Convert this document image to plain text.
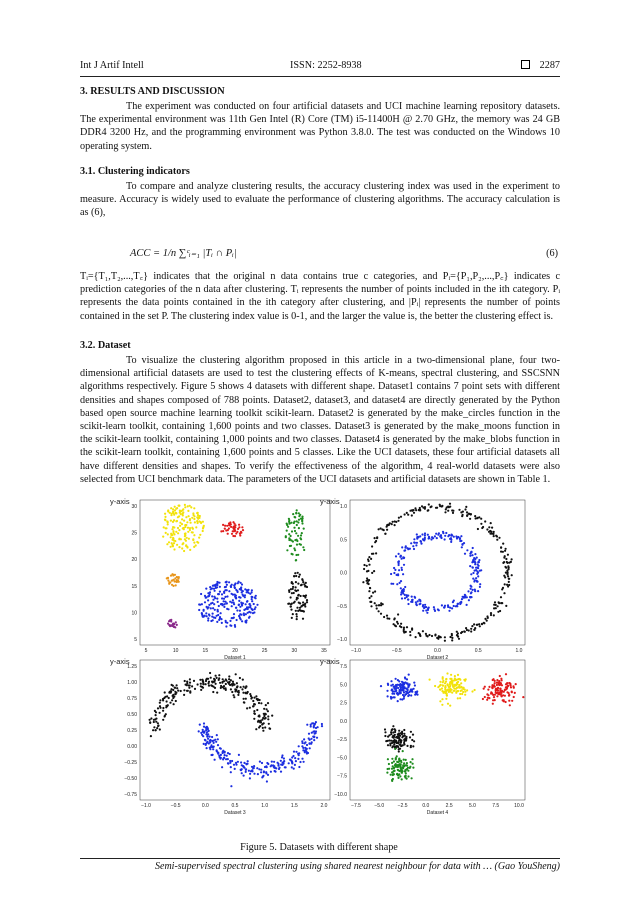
Int J Artif Intell	ISSN: 2252-8938	2287
3. RESULTS AND DISCUSSION

The experiment was conducted on four artificial datasets and UCI machine learning repository datasets. The experimental environment was 11th Gen Intel (R) Core (TM) i5-11400H @ 2.70 GHz, the memory was 24 GB DDR4 3200 Hz, and the programming environment was Python 3.8.0. The test was conducted on the Windows 10 operating system.

3.1. Clustering indicators

To compare and analyze clustering results, the accuracy clustering index was used in the experiment to measure. Accuracy is widely used to evaluate the performance of clustering algorithms. The accuracy calculation is as (6),

ACC = 1/n ∑ᶜᵢ₌₁ |Tᵢ ∩ Pᵢ|	(6)

Tᵢ={T₁,T₂,...,T꜀} indicates that the original n data contains true c categories, and Pᵢ={P₁,P₂,...,P꜀} indicates c prediction categories of the n data after clustering. Tᵢ represents the number of points included in the ith category. Pᵢ represents the data points contained in the ith category after clustering, and |Pᵢ| represents the number of points contained in the set P. The clustering index value is 0-1, and the larger the value is, the better the clustering effect is.

3.2. Dataset

To visualize the clustering algorithm proposed in this article in a two-dimensional plane, four two-dimensional artificial datasets are used to test the clustering effects of K-means, spectral clustering, and SSCSNN algorithms respectively. Figure 5 shows 4 datasets with different shape. Dataset1 contains 7 point sets with different densities and shapes composed of 788 points. Dataset2, dataset3, and dataset4 are directly generated by the Python based open source machine learning toolkit scikit-learn. Dataset2 is generated by the make_circles function in the scikit-learn toolkit, containing 1,600 points and two classes. Dataset3 is generated by the make_moons function in the scikit-learn toolkit, containing 1,000 points and two classes. Dataset4 is generated by the make_blobs function in the scikit-learn toolkit, containing 1,600 points and 5 classes. Like the UCI datasets, these four artificial datasets all have different densities and shapes. To verify the effectiveness of the algorithm, 4 real-world datasets were also selected from UCI benchmark data. The parameters of the UCI datasets and artificial datasets are shown in Table 1.

5	10	15	20	25	30	35
5
10
15
20
25
30
Dataset 1
y-axis
−1.0	−0.5	0.0	0.5	1.0
−1.0
−0.5
0.0
0.5
1.0
Dataset 2
y-axis
−1.0	−0.5	0.0	0.5	1.0	1.5	2.0
−0.75
−0.50
−0.25
0.00
0.25
0.50
0.75
1.00
1.25
Dataset 3
y-axis
−7.5	−5.0	−2.5	0.0	2.5	5.0	7.5	10.0
−10.0
−7.5
−5.0
−2.5
0.0
2.5
5.0
7.5
Dataset 4
y-axis
Figure 5. Datasets with different shape
Semi-supervised spectral clustering using shared nearest neighbour for data with … (Gao YouSheng)
